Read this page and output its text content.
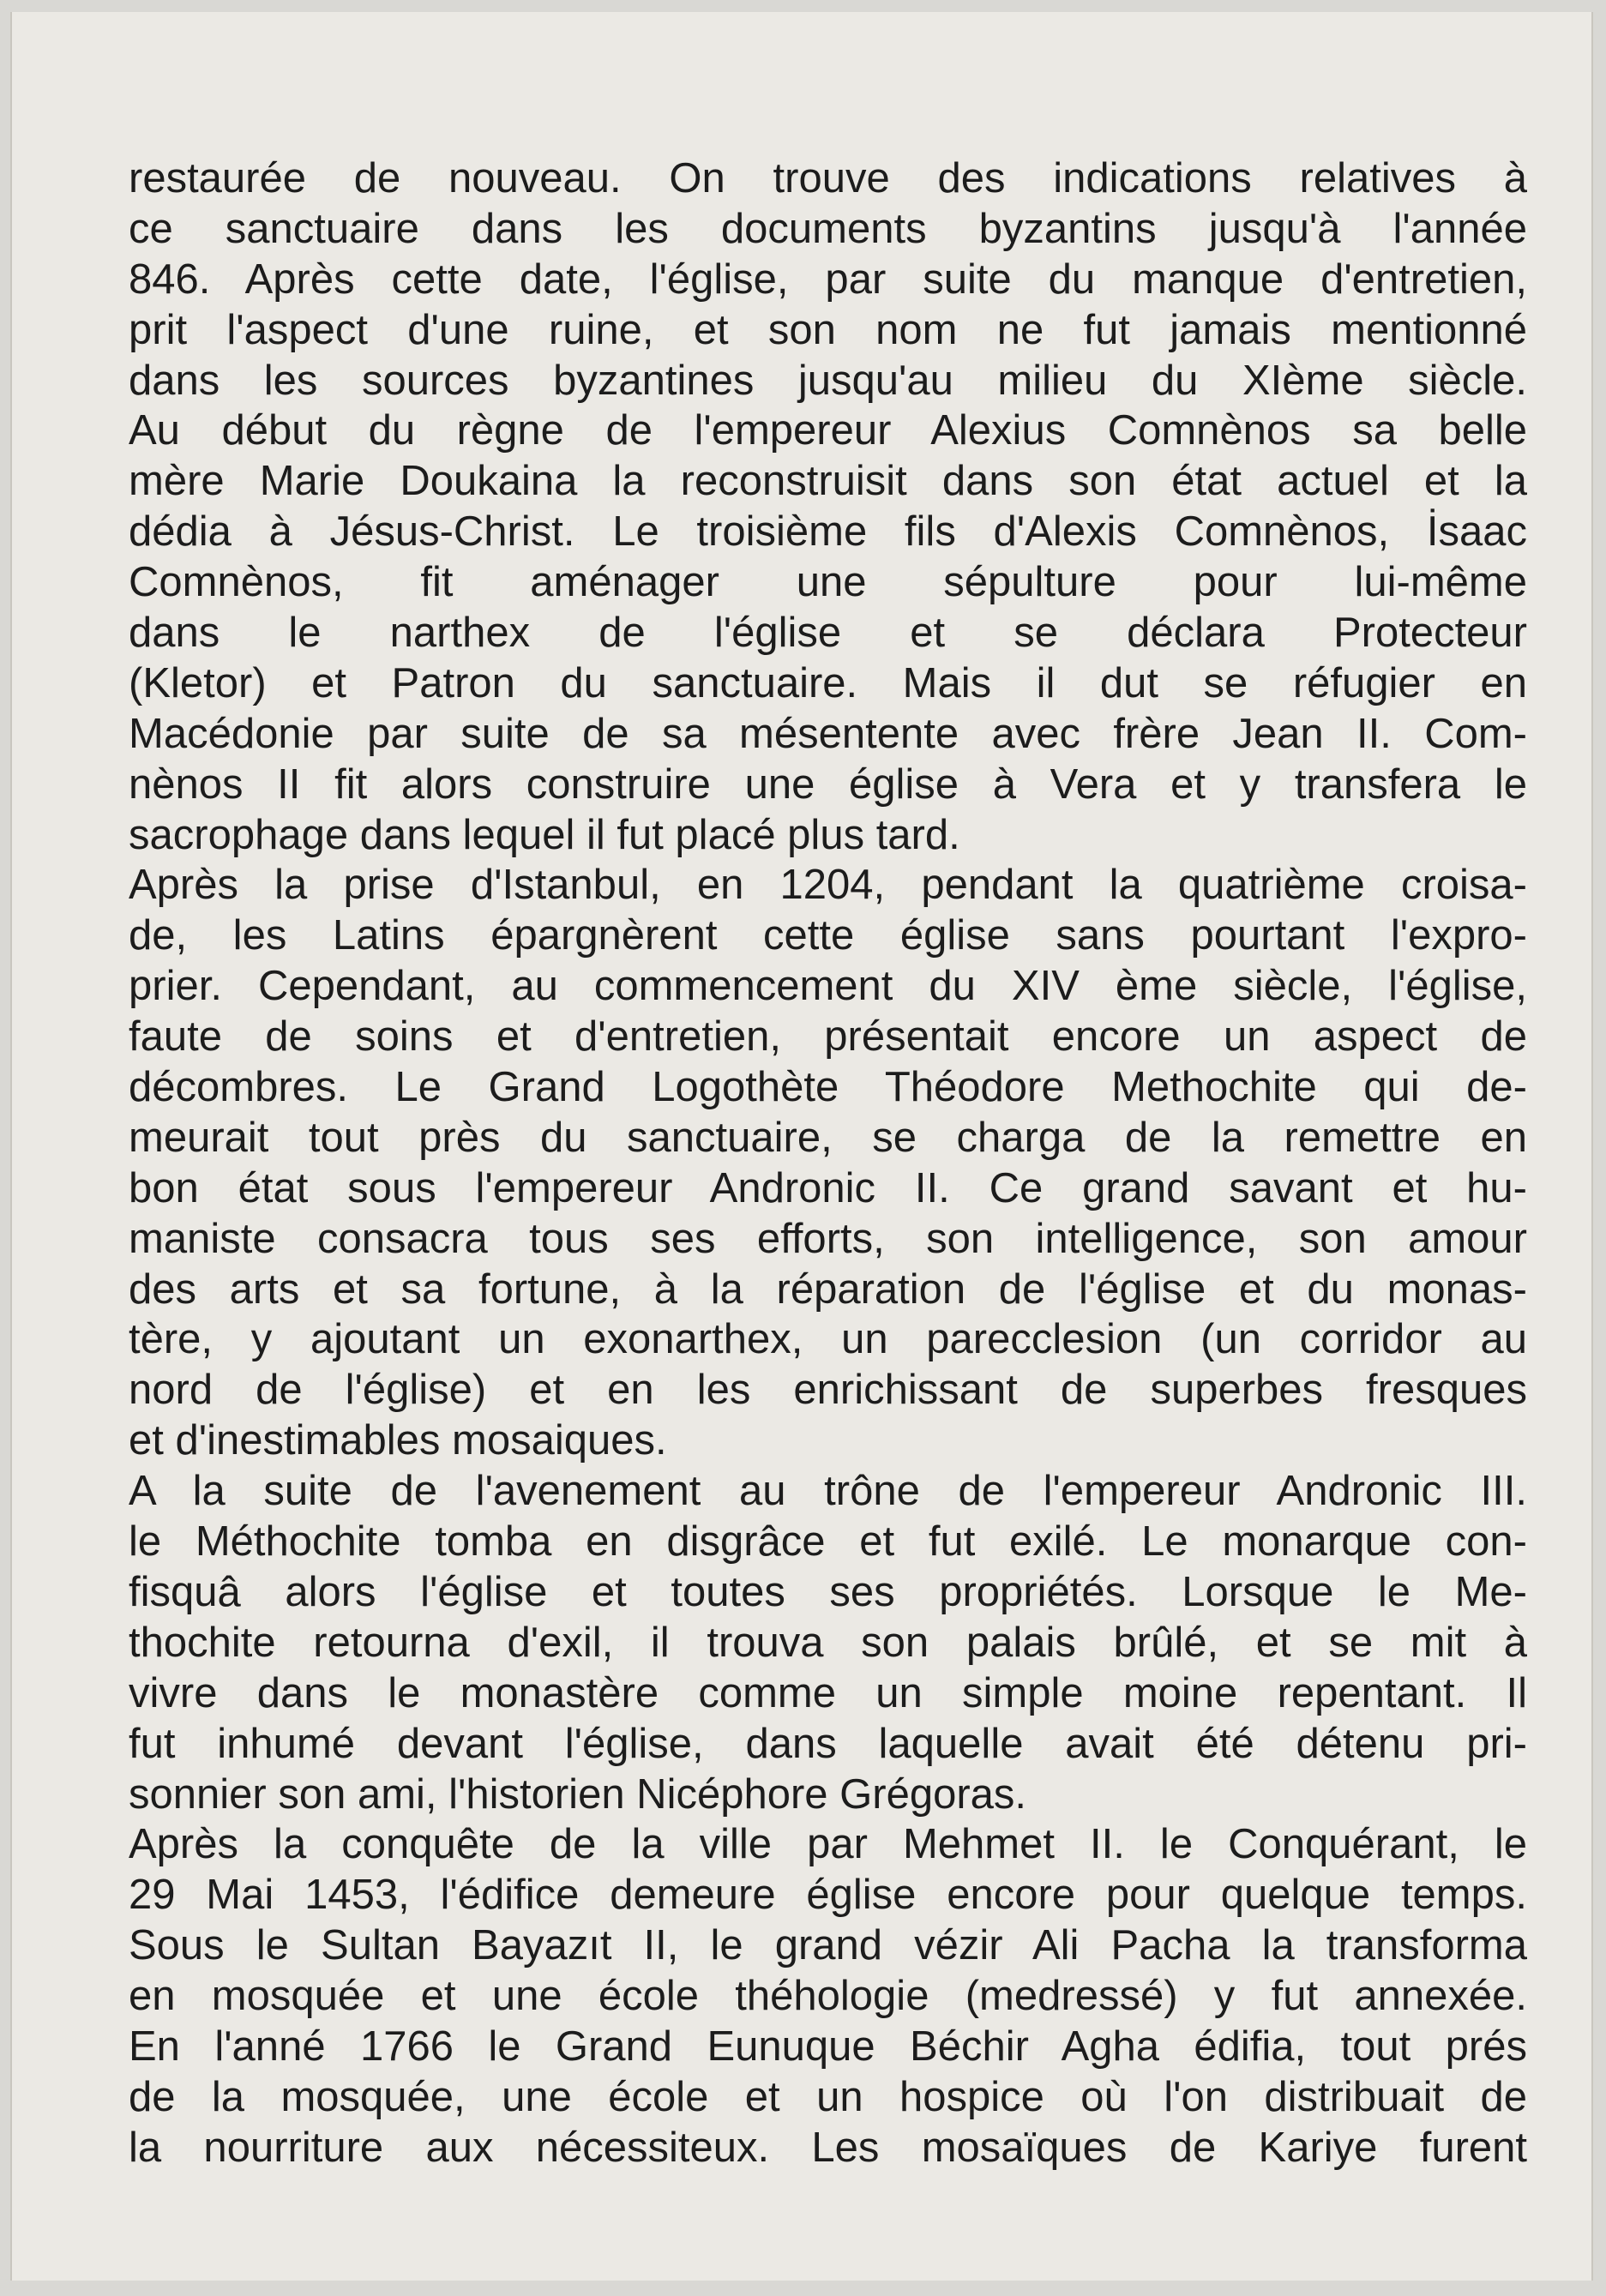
restaurée de nouveau. On trouve des indications relatives à
ce sanctuaire dans les documents byzantins jusqu'à l'année
846. Après cette date, l'église, par suite du manque d'entretien,
prit l'aspect d'une ruine, et son nom ne fut jamais mentionné
dans les sources byzantines jusqu'au milieu du XIème siècle.
Au début du règne de l'empereur Alexius Comnènos sa belle
mère Marie Doukaina la reconstruisit dans son état actuel et la
dédia à Jésus-Christ. Le troisième fils d'Alexis Comnènos, İsaac
Comnènos, fit aménager une sépulture pour lui-même
dans le narthex de l'église et se déclara Protecteur
(Kletor) et Patron du sanctuaire. Mais il dut se réfugier en
Macédonie par suite de sa mésentente avec frère Jean II. Com-
nènos II fit alors construire une église à Vera et y transfera le
sacrophage dans lequel il fut placé plus tard.
Après la prise d'Istanbul, en 1204, pendant la quatrième croisa-
de, les Latins épargnèrent cette église sans pourtant l'expro-
prier. Cependant, au commencement du XIV ème siècle, l'église,
faute de soins et d'entretien, présentait encore un aspect de
décombres. Le Grand Logothète Théodore Methochite qui de-
meurait tout près du sanctuaire, se charga de la remettre en
bon état sous l'empereur Andronic II. Ce grand savant et hu-
maniste consacra tous ses efforts, son intelligence, son amour
des arts et sa fortune, à la réparation de l'église et du monas-
tère, y ajoutant un exonarthex, un parecclesion (un corridor au
nord de l'église) et en les enrichissant de superbes fresques
et d'inestimables mosaiques.
A la suite de l'avenement au trône de l'empereur Andronic III.
le Méthochite tomba en disgrâce et fut exilé. Le monarque con-
fisquâ alors l'église et toutes ses propriétés. Lorsque le Me-
thochite retourna d'exil, il trouva son palais brûlé, et se mit à
vivre dans le monastère comme un simple moine repentant. Il
fut inhumé devant l'église, dans laquelle avait été détenu pri-
sonnier son ami, l'historien Nicéphore Grégoras.
Après la conquête de la ville par Mehmet II. le Conquérant, le
29 Mai 1453, l'édifice demeure église encore pour quelque temps.
Sous le Sultan Bayazıt II, le grand vézir Ali Pacha la transforma
en mosquée et une école théhologie (medressé) y fut annexée.
En l'anné 1766 le Grand Eunuque Béchir Agha édifia, tout prés
de la mosquée, une école et un hospice où l'on distribuait de
la nourriture aux nécessiteux. Les mosaïques de Kariye furent
